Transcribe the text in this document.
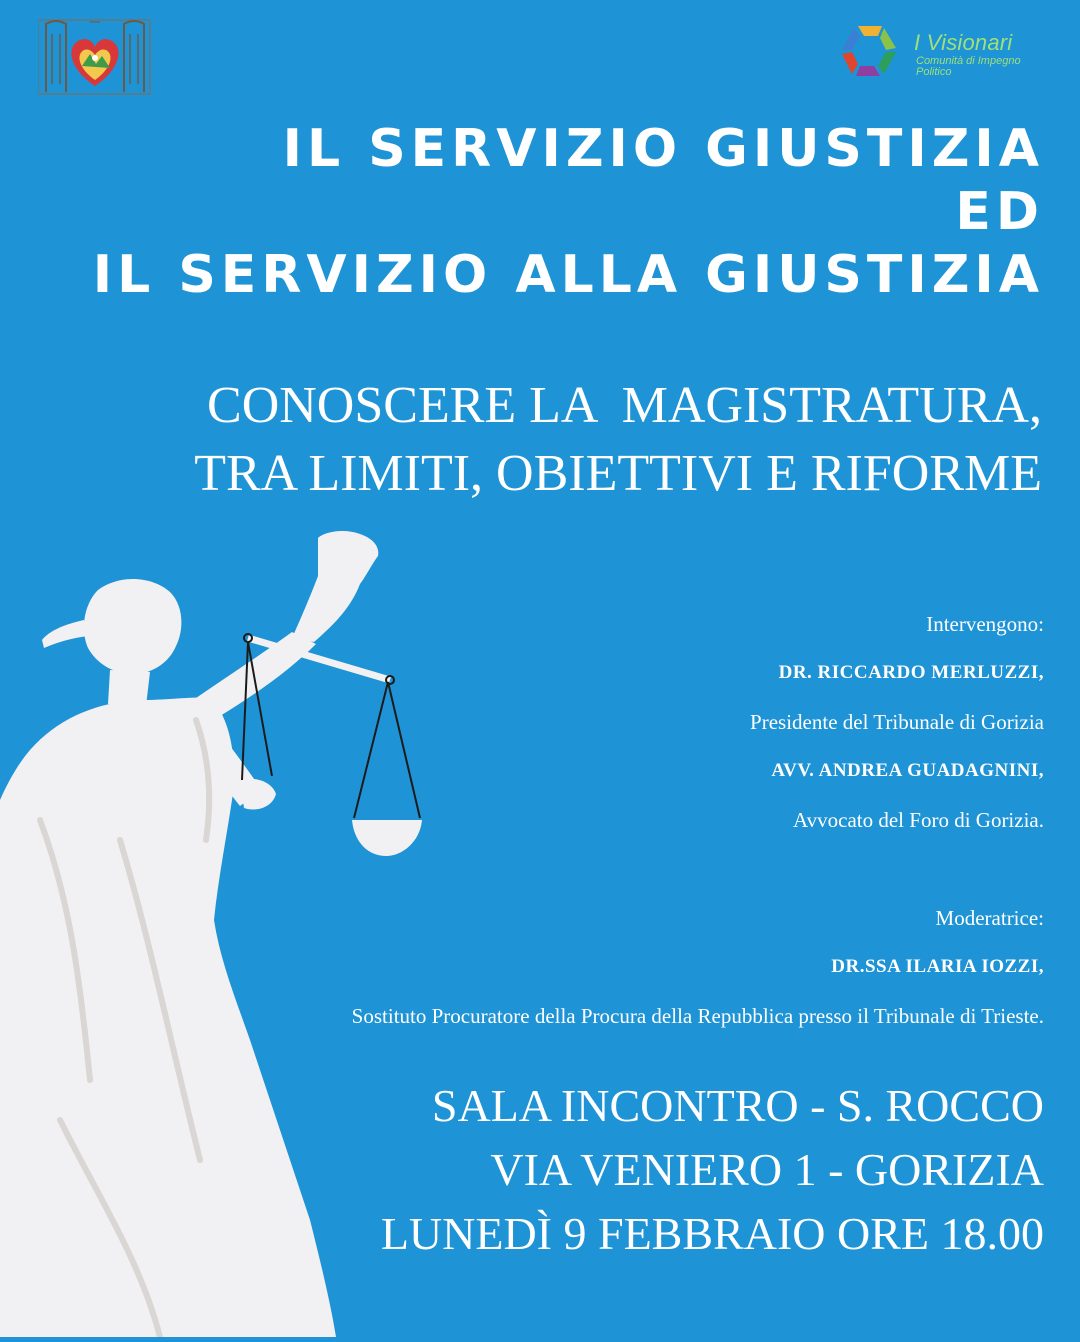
I Visionari
Comunità di Impegno Politico
IL SERVIZIO GIUSTIZIA
ED
IL SERVIZIO ALLA GIUSTIZIA
CONOSCERE LA  MAGISTRATURA,
TRA LIMITI, OBIETTIVI E RIFORME
Intervengono:
DR. RICCARDO MERLUZZI,
Presidente del Tribunale di Gorizia
AVV. ANDREA GUADAGNINI,
Avvocato del Foro di Gorizia.
Moderatrice:
DR.SSA ILARIA IOZZI,
Sostituto Procuratore della Procura della Repubblica presso il Tribunale di Trieste.
SALA INCONTRO - S. ROCCO
VIA VENIERO 1 - GORIZIA
LUNEDÌ 9 FEBBRAIO ORE 18.00
